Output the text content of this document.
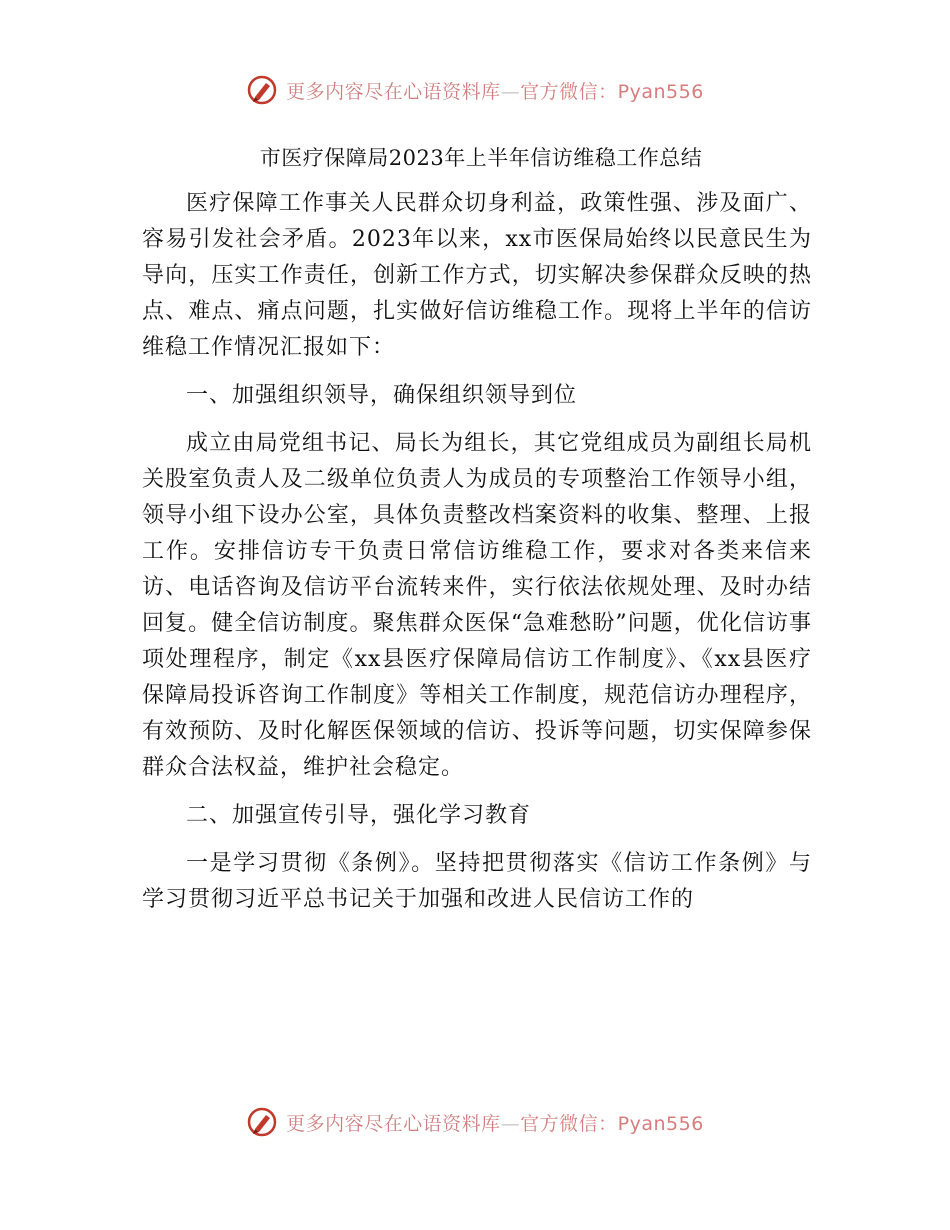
更多内容尽在心语资料库—官方微信：Pyan556
市医疗保障局2023年上半年信访维稳工作总结

医疗保障工作事关人民群众切身利益，政策性强、涉及面广、容易引发社会矛盾。2023年以来，xx市医保局始终以民意民生为导向，压实工作责任，创新工作方式，切实解决参保群众反映的热点、难点、痛点问题，扎实做好信访维稳工作。现将上半年的信访维稳工作情况汇报如下：

一、加强组织领导，确保组织领导到位

成立由局党组书记、局长为组长，其它党组成员为副组长局机关股室负责人及二级单位负责人为成员的专项整治工作领导小组，领导小组下设办公室，具体负责整改档案资料的收集、整理、上报工作。安排信访专干负责日常信访维稳工作，要求对各类来信来访、电话咨询及信访平台流转来件，实行依法依规处理、及时办结回复。健全信访制度。聚焦群众医保“急难愁盼”问题，优化信访事项处理程序，制定《xx县医疗保障局信访工作制度》、《xx县医疗保障局投诉咨询工作制度》等相关工作制度，规范信访办理程序，有效预防、及时化解医保领域的信访、投诉等问题，切实保障参保群众合法权益，维护社会稳定。

二、加强宣传引导，强化学习教育

一是学习贯彻《条例》。坚持把贯彻落实《信访工作条例》与学习贯彻习近平总书记关于加强和改进人民信访工作的

更多内容尽在心语资料库—官方微信：Pyan556
